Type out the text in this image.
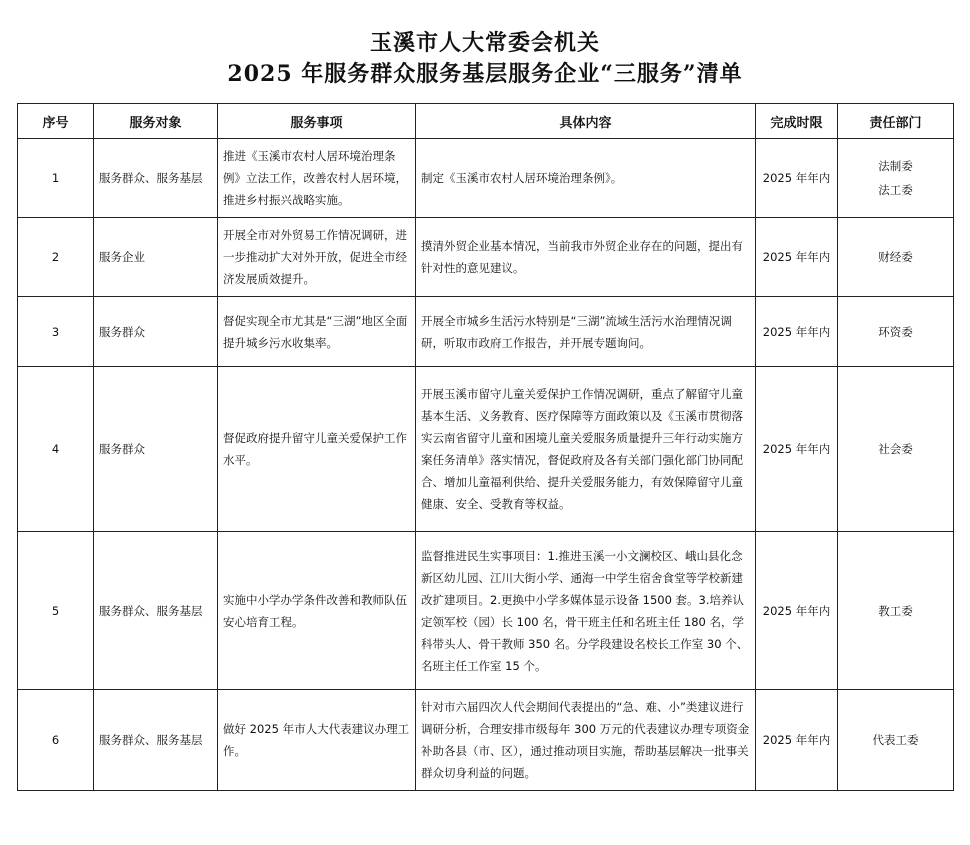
玉溪市人大常委会机关
2025 年服务群众服务基层服务企业“三服务”清单
序号	服务对象	服务事项	具体内容	完成时限	责任部门
1	服务群众、服务基层	推进《玉溪市农村人居环境治理条例》立法工作，改善农村人居环境，推进乡村振兴战略实施。	制定《玉溪市农村人居环境治理条例》。	2025 年年内	法制委
法工委
2	服务企业	开展全市对外贸易工作情况调研，进一步推动扩大对外开放，促进全市经济发展质效提升。	摸清外贸企业基本情况，当前我市外贸企业存在的问题，提出有针对性的意见建议。	2025 年年内	财经委
3	服务群众	督促实现全市尤其是“三湖”地区全面提升城乡污水收集率。	开展全市城乡生活污水特别是“三湖”流域生活污水治理情况调研，听取市政府工作报告，并开展专题询问。	2025 年年内	环资委
4	服务群众	督促政府提升留守儿童关爱保护工作水平。	开展玉溪市留守儿童关爱保护工作情况调研，重点了解留守儿童基本生活、义务教育、医疗保障等方面政策以及《玉溪市贯彻落实云南省留守儿童和困境儿童关爱服务质量提升三年行动实施方案任务清单》落实情况，督促政府及各有关部门强化部门协同配合、增加儿童福利供给、提升关爱服务能力，有效保障留守儿童健康、安全、受教育等权益。	2025 年年内	社会委
5	服务群众、服务基层	实施中小学办学条件改善和教师队伍安心培育工程。	监督推进民生实事项目：1.推进玉溪一小文澜校区、峨山县化念新区幼儿园、江川大街小学、通海一中学生宿舍食堂等学校新建改扩建项目。2.更换中小学多媒体显示设备 1500 套。3.培养认定领军校（园）长 100 名，骨干班主任和名班主任 180 名，学科带头人、骨干教师 350 名。分学段建设名校长工作室 30 个、名班主任工作室 15 个。	2025 年年内	教工委
6	服务群众、服务基层	做好 2025 年市人大代表建议办理工作。	针对市六届四次人代会期间代表提出的“急、难、小”类建议进行调研分析，合理安排市级每年 300 万元的代表建议办理专项资金补助各县（市、区），通过推动项目实施，帮助基层解决一批事关群众切身利益的问题。	2025 年年内	代表工委
